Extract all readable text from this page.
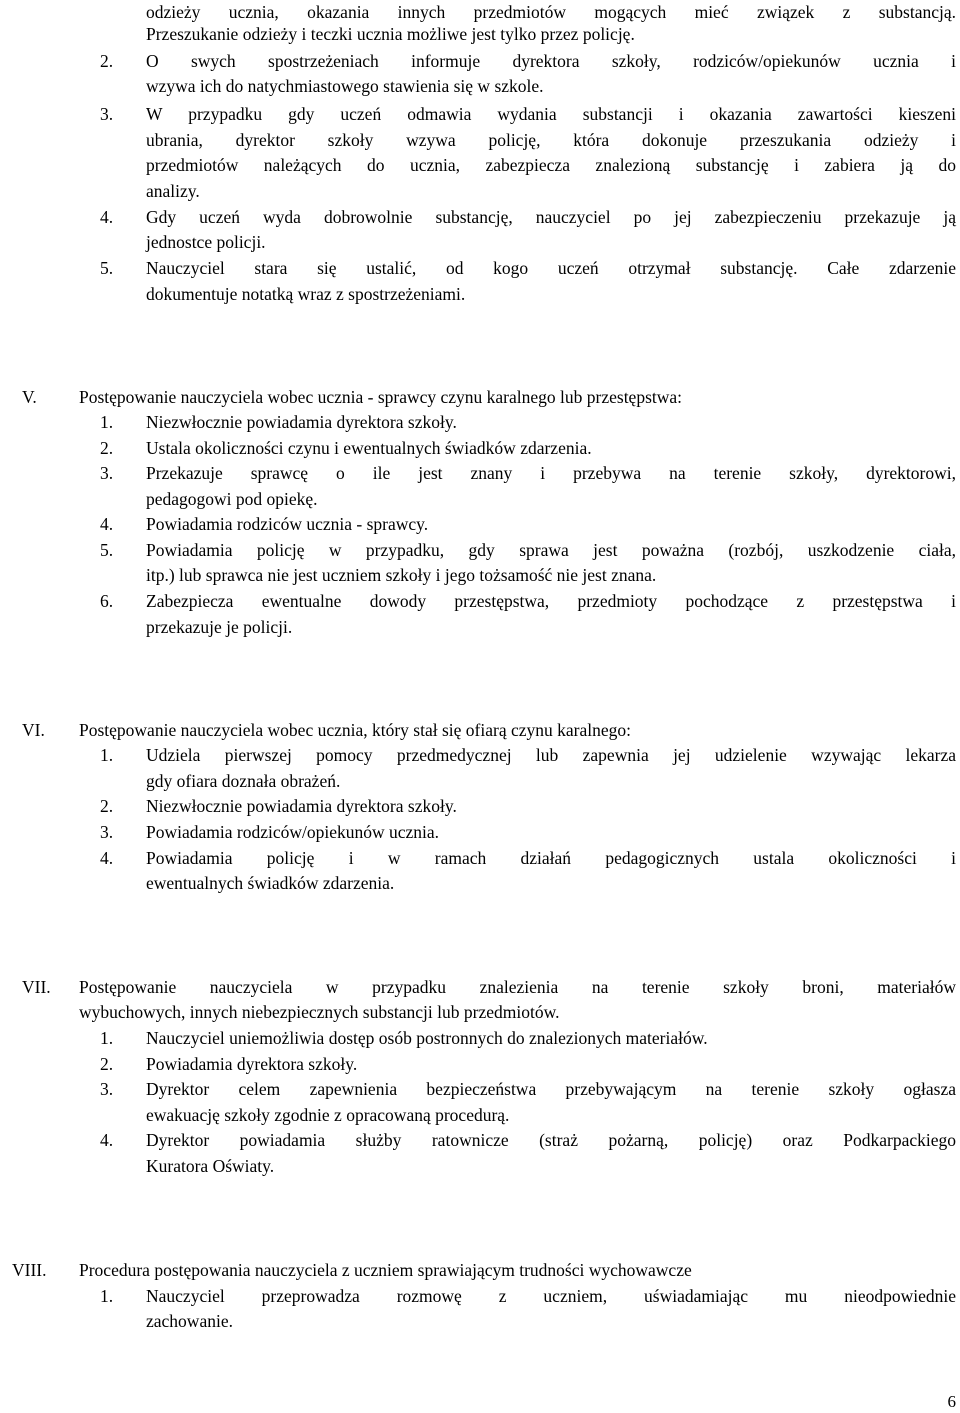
odzieży ucznia, okazania innych przedmiotów mogących mieć związek z substancją.
Przeszukanie odzieży i teczki ucznia możliwe jest tylko przez policję.
2. O swych spostrzeżeniach informuje dyrektora szkoły, rodziców/opiekunów ucznia i
wzywa ich do natychmiastowego stawienia się w szkole.
3. W przypadku gdy uczeń odmawia wydania substancji i okazania zawartości kieszeni
ubrania, dyrektor szkoły wzywa policję, która dokonuje przeszukania odzieży i
przedmiotów należących do ucznia, zabezpiecza znalezioną substancję i zabiera ją do
analizy.
4. Gdy uczeń wyda dobrowolnie substancję, nauczyciel po jej zabezpieczeniu przekazuje ją
jednostce policji.
5. Nauczyciel stara się ustalić, od kogo uczeń otrzymał substancję. Całe zdarzenie
dokumentuje notatką wraz z spostrzeżeniami.
V. Postępowanie nauczyciela wobec ucznia - sprawcy czynu karalnego lub przestępstwa:
1. Niezwłocznie powiadamia dyrektora szkoły.
2. Ustala okoliczności czynu i ewentualnych świadków zdarzenia.
3. Przekazuje sprawcę o ile jest znany i przebywa na terenie szkoły, dyrektorowi,
pedagogowi pod opiekę.
4. Powiadamia rodziców ucznia - sprawcy.
5. Powiadamia policję w przypadku, gdy sprawa jest poważna (rozbój, uszkodzenie ciała,
itp.) lub sprawca nie jest uczniem szkoły i jego tożsamość nie jest znana.
6. Zabezpiecza ewentualne dowody przestępstwa, przedmioty pochodzące z przestępstwa i
przekazuje je policji.
VI. Postępowanie nauczyciela wobec ucznia, który stał się ofiarą czynu karalnego:
1. Udziela pierwszej pomocy przedmedycznej lub zapewnia jej udzielenie wzywając lekarza
gdy ofiara doznała obrażeń.
2. Niezwłocznie powiadamia dyrektora szkoły.
3. Powiadamia rodziców/opiekunów ucznia.
4. Powiadamia policję i w ramach działań pedagogicznych ustala okoliczności i
ewentualnych świadków zdarzenia.
VII. Postępowanie nauczyciela w przypadku znalezienia na terenie szkoły broni, materiałów
wybuchowych, innych niebezpiecznych substancji lub przedmiotów.
1. Nauczyciel uniemożliwia dostęp osób postronnych do znalezionych materiałów.
2. Powiadamia dyrektora szkoły.
3. Dyrektor celem zapewnienia bezpieczeństwa przebywającym na terenie szkoły ogłasza
ewakuację szkoły zgodnie z opracowaną procedurą.
4. Dyrektor powiadamia służby ratownicze (straż pożarną, policję) oraz Podkarpackiego
Kuratora Oświaty.
VIII. Procedura postępowania nauczyciela z uczniem sprawiającym trudności wychowawcze
1. Nauczyciel przeprowadza rozmowę z uczniem, uświadamiając mu nieodpowiednie
zachowanie.
6
